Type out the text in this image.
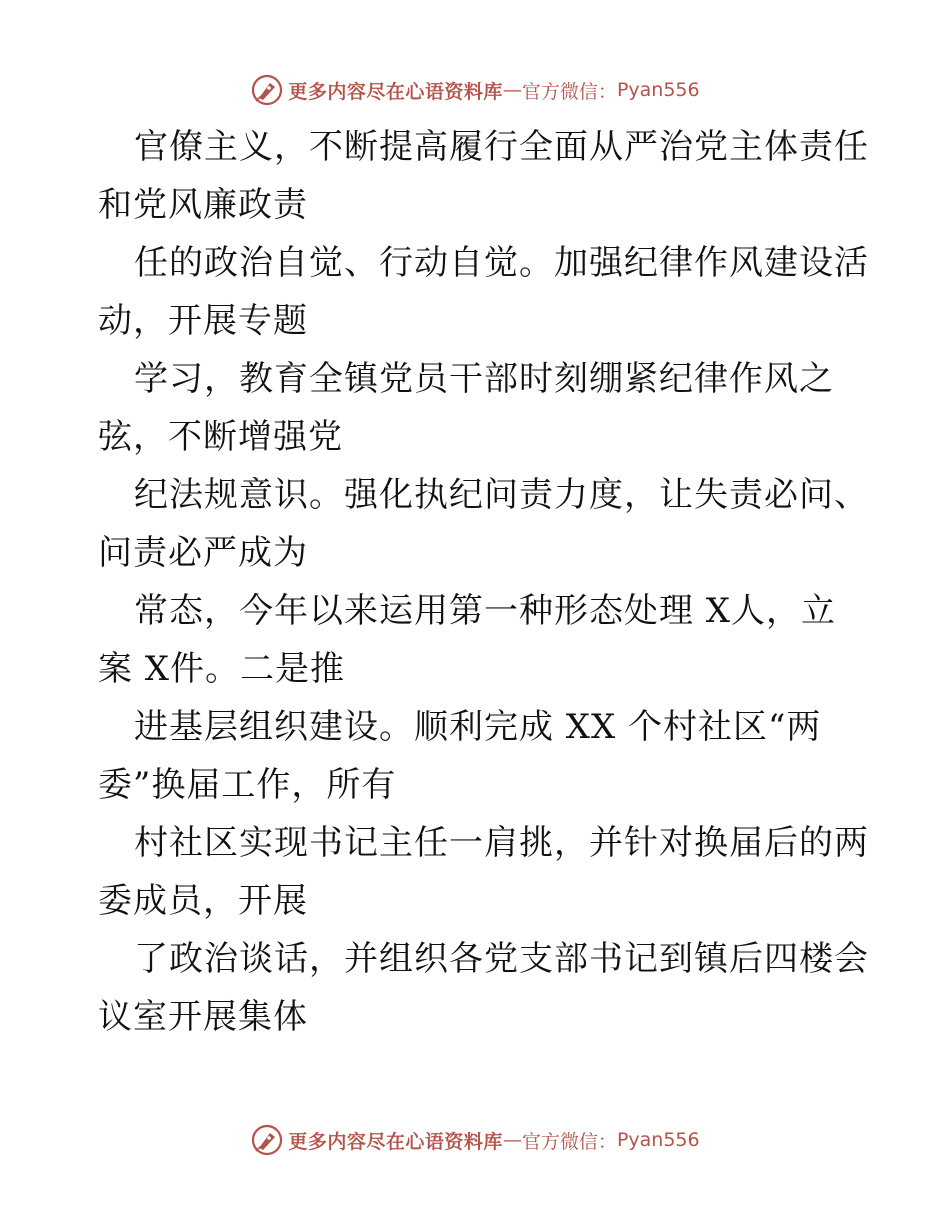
更多内容尽在心语资料库 — 官方微信： Pyan556

官僚主义，不断提高履行全面从严治党主体责任

和党风廉政责

任的政治自觉、行动自觉。加强纪律作风建设活

动，开展专题

学习，教育全镇党员干部时刻绷紧纪律作风之

弦，不断增强党

纪法规意识。强化执纪问责力度，让失责必问、

问责必严成为

常态，今年以来运用第一种形态处理 X人，立

案 X件。二是推

进基层组织建设。顺利完成 XX 个村社区“两

委”换届工作，所有

村社区实现书记主任一肩挑，并针对换届后的两

委成员，开展

了政治谈话，并组织各党支部书记到镇后四楼会

议室开展集体

更多内容尽在心语资料库 — 官方微信： Pyan556
